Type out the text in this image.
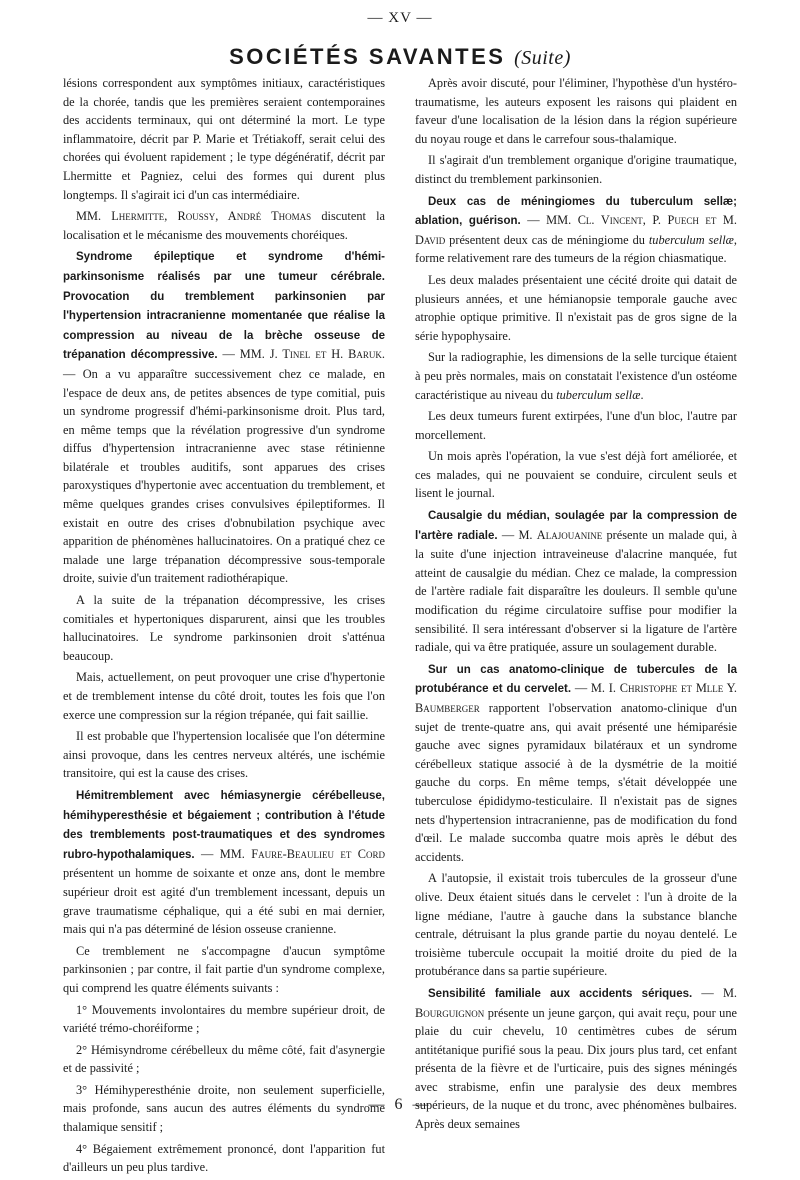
— XV —
SOCIÉTÉS SAVANTES (Suite)

lésions correspondent aux symptômes initiaux, caractéristiques de la chorée, tandis que les premières seraient contemporaines des accidents terminaux, qui ont déterminé la mort. Le type inflammatoire, décrit par P. Marie et Trétiakoff, serait celui des chorées qui évoluent rapidement ; le type dégénératif, décrit par Lhermitte et Pagniez, celui des formes qui durent plus longtemps. Il s'agirait ici d'un cas intermédiaire.

MM. Lhermitte, Roussy, André Thomas discutent la localisation et le mécanisme des mouvements choréiques.

Syndrome épileptique et syndrome d'hémi-parkinsonisme réalisés par une tumeur cérébrale. Provocation du tremblement parkinsonien par l'hypertension intracranienne momentanée que réalise la compression au niveau de la brèche osseuse de trépanation décompressive. — MM. J. Tinel et H. Baruk. — On a vu apparaître successivement chez ce malade, en l'espace de deux ans, de petites absences de type comitial, puis un syndrome progressif d'hémi-parkinsonisme droit. Plus tard, en même temps que la révélation progressive d'un syndrome diffus d'hypertension intracranienne avec stase rétinienne bilatérale et troubles auditifs, sont apparues des crises paroxystiques d'hypertonie avec accentuation du tremblement, et même quelques grandes crises convulsives épileptiformes. Il existait en outre des crises d'obnubilation psychique avec apparition de phénomènes hallucinatoires. On a pratiqué chez ce malade une large trépanation décompressive sous-temporale droite, suivie d'un traitement radiothérapique.

A la suite de la trépanation décompressive, les crises comitiales et hypertoniques disparurent, ainsi que les troubles hallucinatoires. Le syndrome parkinsonien droit s'atténua beaucoup.

Mais, actuellement, on peut provoquer une crise d'hypertonie et de tremblement intense du côté droit, toutes les fois que l'on exerce une compression sur la région trépanée, qui fait saillie.

Il est probable que l'hypertension localisée que l'on détermine ainsi provoque, dans les centres nerveux altérés, une ischémie transitoire, qui est la cause des crises.

Hémitremblement avec hémiasynergie cérébelleuse, hémihyperesthésie et bégaiement ; contribution à l'étude des tremblements post-traumatiques et des syndromes rubro-hypothalamiques. — MM. Faure-Beaulieu et Cord présentent un homme de soixante et onze ans, dont le membre supérieur droit est agité d'un tremblement incessant, depuis un grave traumatisme céphalique, qui a été subi en mai dernier, mais qui n'a pas déterminé de lésion osseuse cranienne.

Ce tremblement ne s'accompagne d'aucun symptôme parkinsonien ; par contre, il fait partie d'un syndrome complexe, qui comprend les quatre éléments suivants :

1° Mouvements involontaires du membre supérieur droit, de variété trémo-choréiforme ;

2° Hémisyndrome cérébelleux du même côté, fait d'asynergie et de passivité ;

3° Hémihyperesthénie droite, non seulement superficielle, mais profonde, sans aucun des autres éléments du syndrome thalamique sensitif ;

4° Bégaiement extrêmement prononcé, dont l'apparition fut d'ailleurs un peu plus tardive.

Après avoir discuté, pour l'éliminer, l'hypothèse d'un hystéro-traumatisme, les auteurs exposent les raisons qui plaident en faveur d'une localisation de la lésion dans la région supérieure du noyau rouge et dans le carrefour sous-thalamique.

Il s'agirait d'un tremblement organique d'origine traumatique, distinct du tremblement parkinsonien.

Deux cas de méningiomes du tuberculum sellæ; ablation, guérison. — MM. Cl. Vincent, P. Puech et M. David présentent deux cas de méningiome du tuberculum sellæ, forme relativement rare des tumeurs de la région chiasmatique.

Les deux malades présentaient une cécité droite qui datait de plusieurs années, et une hémianopsie temporale gauche avec atrophie optique primitive. Il n'existait pas de gros signe de la série hypophysaire.

Sur la radiographie, les dimensions de la selle turcique étaient à peu près normales, mais on constatait l'existence d'un ostéome caractéristique au niveau du tuberculum sellæ.

Les deux tumeurs furent extirpées, l'une d'un bloc, l'autre par morcellement.

Un mois après l'opération, la vue s'est déjà fort améliorée, et ces malades, qui ne pouvaient se conduire, circulent seuls et lisent le journal.

Causalgie du médian, soulagée par la compression de l'artère radiale. — M. Alajouanine présente un malade qui, à la suite d'une injection intraveineuse d'alacrine manquée, fut atteint de causalgie du médian. Chez ce malade, la compression de l'artère radiale fait disparaître les douleurs. Il semble qu'une modification du régime circulatoire suffise pour modifier la sensibilité. Il sera intéressant d'observer si la ligature de l'artère radiale, qui va être pratiquée, assure un soulagement durable.

Sur un cas anatomo-clinique de tubercules de la protubérance et du cervelet. — M. I. Christophe et Mlle Y. Baumberger rapportent l'observation anatomo-clinique d'un sujet de trente-quatre ans, qui avait présenté une hémiparésie gauche avec signes pyramidaux bilatéraux et un syndrome cérébelleux statique associé à de la dysmétrie de la moitié gauche du corps. En même temps, s'était développée une tuberculose épididymo-testiculaire. Il n'existait pas de signes nets d'hypertension intracranienne, pas de modification du fond d'œil. Le malade succomba quatre mois après le début des accidents.

A l'autopsie, il existait trois tubercules de la grosseur d'une olive. Deux étaient situés dans le cervelet : l'un à droite de la ligne médiane, l'autre à gauche dans la substance blanche centrale, détruisant la plus grande partie du noyau dentelé. Le troisième tubercule occupait la moitié droite du pied de la protubérance dans sa partie supérieure.

Sensibilité familiale aux accidents sériques. — M. Bourguignon présente un jeune garçon, qui avait reçu, pour une plaie du cuir chevelu, 10 centimètres cubes de sérum antitétanique purifié sous la peau. Dix jours plus tard, cet enfant présenta de la fièvre et de l'urticaire, puis des signes méningés avec strabisme, enfin une paralysie des deux membres supérieurs, de la nuque et du tronc, avec phénomènes bulbaires. Après deux semaines

— 6 —
